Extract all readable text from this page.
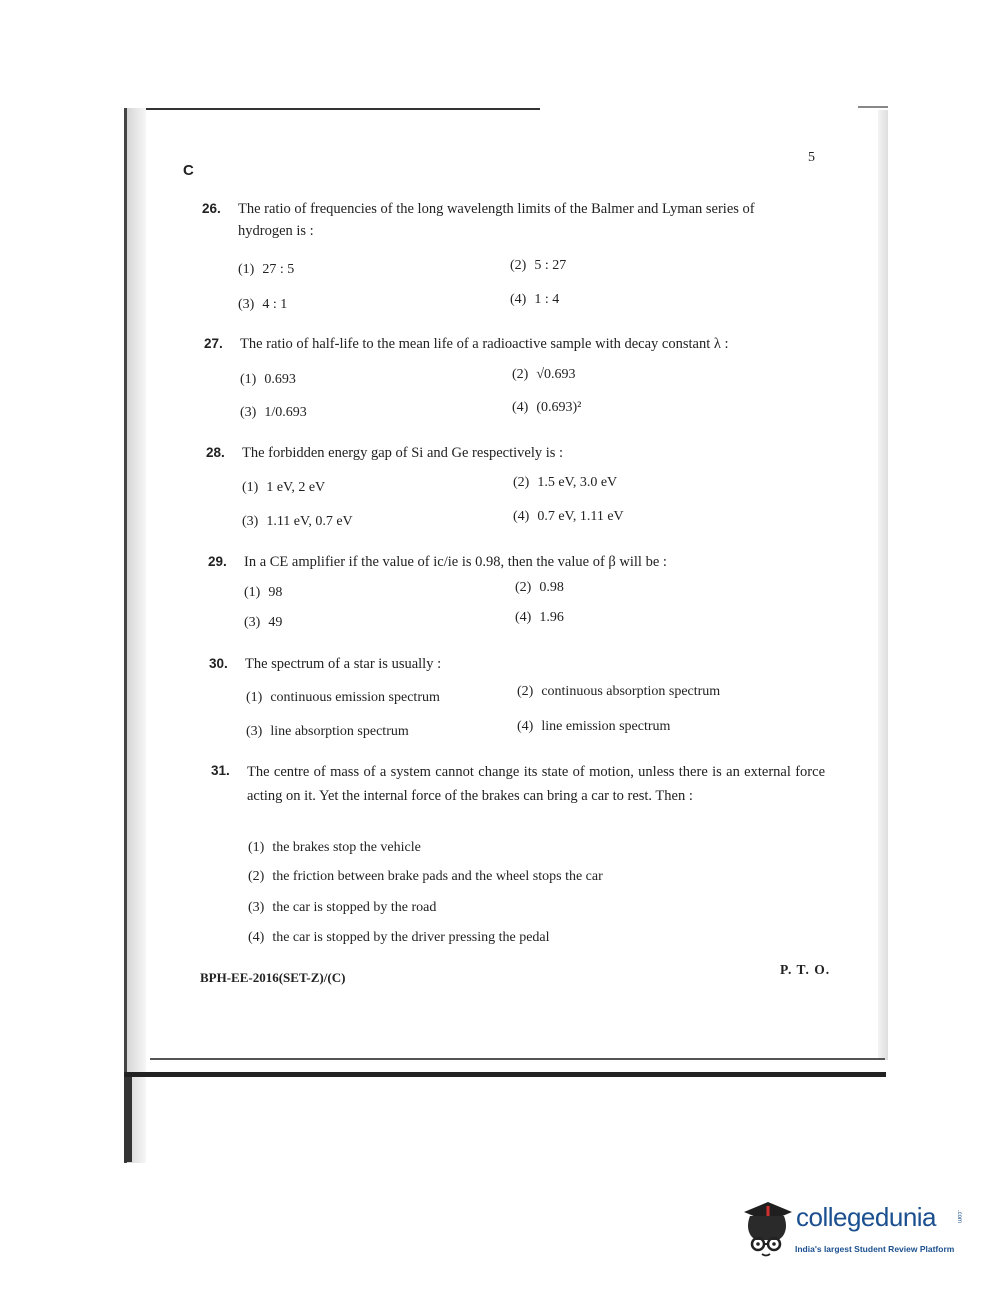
C
5
26. The ratio of frequencies of the long wavelength limits of the Balmer and Lyman series of hydrogen is :
(1) 27 : 5	(2) 5 : 27
(3) 4 : 1	(4) 1 : 4
27. The ratio of half-life to the mean life of a radioactive sample with decay constant λ :
(1) 0.693	(2) √0.693
(3) 1/0.693	(4) (0.693)²
28. The forbidden energy gap of Si and Ge respectively is :
(1) 1 eV, 2 eV	(2) 1.5 eV, 3.0 eV
(3) 1.11 eV, 0.7 eV	(4) 0.7 eV, 1.11 eV
29. In a CE amplifier if the value of ic/ie is 0.98, then the value of β will be :
(1) 98	(2) 0.98
(3) 49	(4) 1.96
30. The spectrum of a star is usually :
(1) continuous emission spectrum	(2) continuous absorption spectrum
(3) line absorption spectrum	(4) line emission spectrum
31. The centre of mass of a system cannot change its state of motion, unless there is an external force acting on it. Yet the internal force of the brakes can bring a car to rest. Then :
(1) the brakes stop the vehicle
(2) the friction between brake pads and the wheel stops the car
(3) the car is stopped by the road
(4) the car is stopped by the driver pressing the pedal
BPH-EE-2016(SET-Z)/(C)
P. T. O.
collegedunia	.com
India's largest Student Review Platform
